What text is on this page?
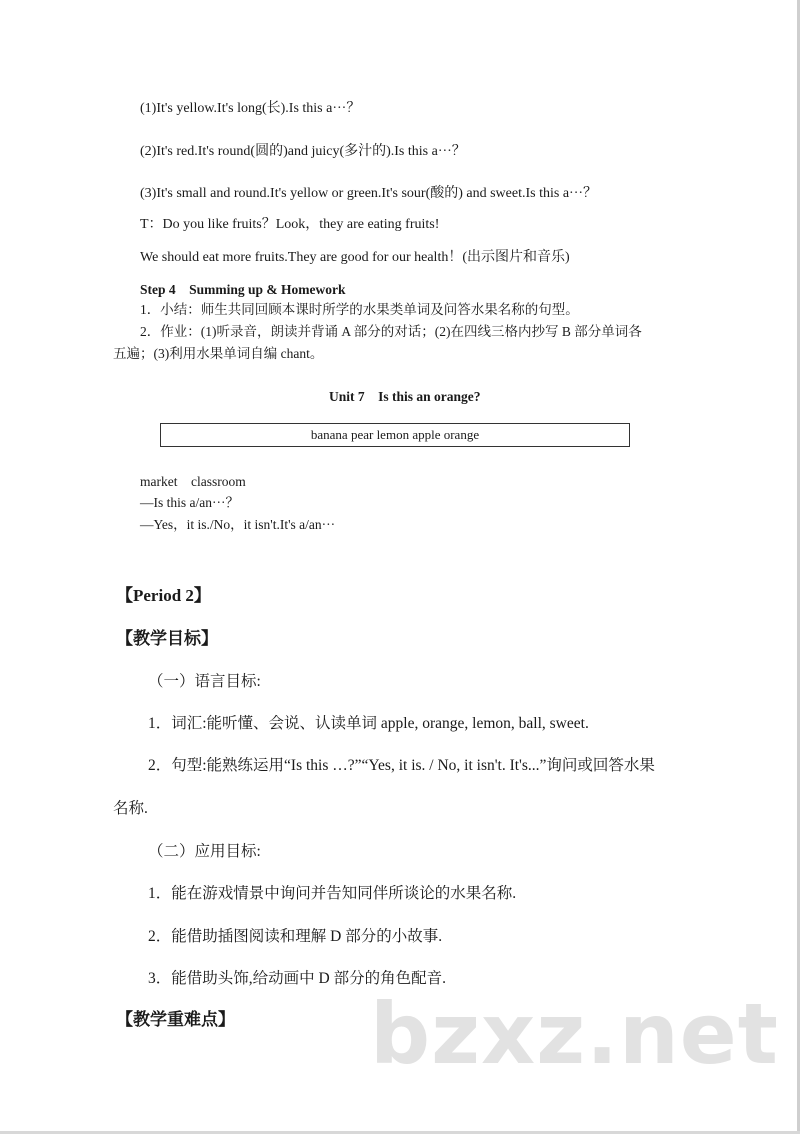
(1)It's yellow.It's long(长).Is this a···？
(2)It's red.It's round(圆的)and juicy(多汁的).Is this a···？
(3)It's small and round.It's yellow or green.It's sour(酸的) and sweet.Is this a···？
T：Do you like fruits？Look，they are eating fruits!
We should eat more fruits.They are good for our health！(出示图片和音乐)
Step 4　Summing up & Homework
1．小结：师生共同回顾本课时所学的水果类单词及问答水果名称的句型。
2．作业：(1)听录音，朗读并背诵 A 部分的对话；(2)在四线三格内抄写 B 部分单词各
五遍；(3)利用水果单词自编 chant。
Unit 7　Is this an orange?
banana pear lemon apple orange
market　classroom
—Is this a/an···？
—Yes，it is./No，it isn't.It's a/an···
【Period 2】
【教学目标】
（一）语言目标:
1．词汇:能听懂、会说、认读单词 apple, orange, lemon, ball, sweet.
2．句型:能熟练运用“Is this …?”“Yes, it is. / No, it isn't. It's...”询问或回答水果
名称.
（二）应用目标:
1．能在游戏情景中询问并告知同伴所谈论的水果名称.
2．能借助插图阅读和理解 D 部分的小故事.
3．能借助头饰,给动画中 D 部分的角色配音.
【教学重难点】 bzxz.net
